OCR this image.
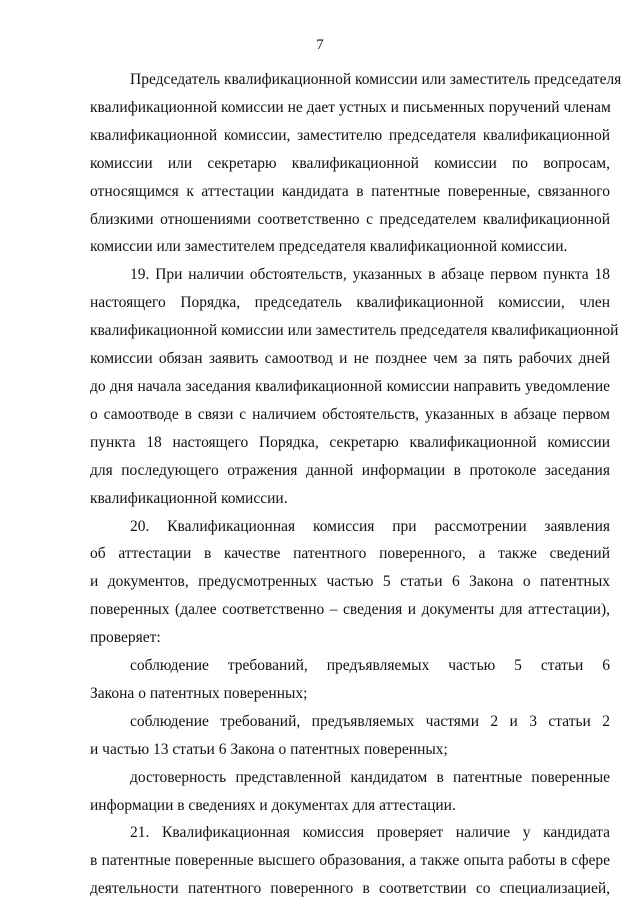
7
Председатель квалификационной комиссии или заместитель председателя
квалификационной комиссии не дает устных и письменных поручений членам
квалификационной комиссии, заместителю председателя квалификационной
комиссии или секретарю квалификационной комиссии по вопросам,
относящимся к аттестации кандидата в патентные поверенные, связанного
близкими отношениями соответственно с председателем квалификационной
комиссии или заместителем председателя квалификационной комиссии.
19. При наличии обстоятельств, указанных в абзаце первом пункта 18
настоящего Порядка, председатель квалификационной комиссии, член
квалификационной комиссии или заместитель председателя квалификационной
комиссии обязан заявить самоотвод и не позднее чем за пять рабочих дней
до дня начала заседания квалификационной комиссии направить уведомление
о самоотводе в связи с наличием обстоятельств, указанных в абзаце первом
пункта 18 настоящего Порядка, секретарю квалификационной комиссии
для последующего отражения данной информации в протоколе заседания
квалификационной комиссии.
20. Квалификационная комиссия при рассмотрении заявления
об аттестации в качестве патентного поверенного, а также сведений
и документов, предусмотренных частью 5 статьи 6 Закона о патентных
поверенных (далее соответственно – сведения и документы для аттестации),
проверяет:
соблюдение требований, предъявляемых частью 5 статьи 6
Закона о патентных поверенных;
соблюдение требований, предъявляемых частями 2 и 3 статьи 2
и частью 13 статьи 6 Закона о патентных поверенных;
достоверность представленной кандидатом в патентные поверенные
информации в сведениях и документах для аттестации.
21. Квалификационная комиссия проверяет наличие у кандидата
в патентные поверенные высшего образования, а также опыта работы в сфере
деятельности патентного поверенного в соответствии со специализацией,
